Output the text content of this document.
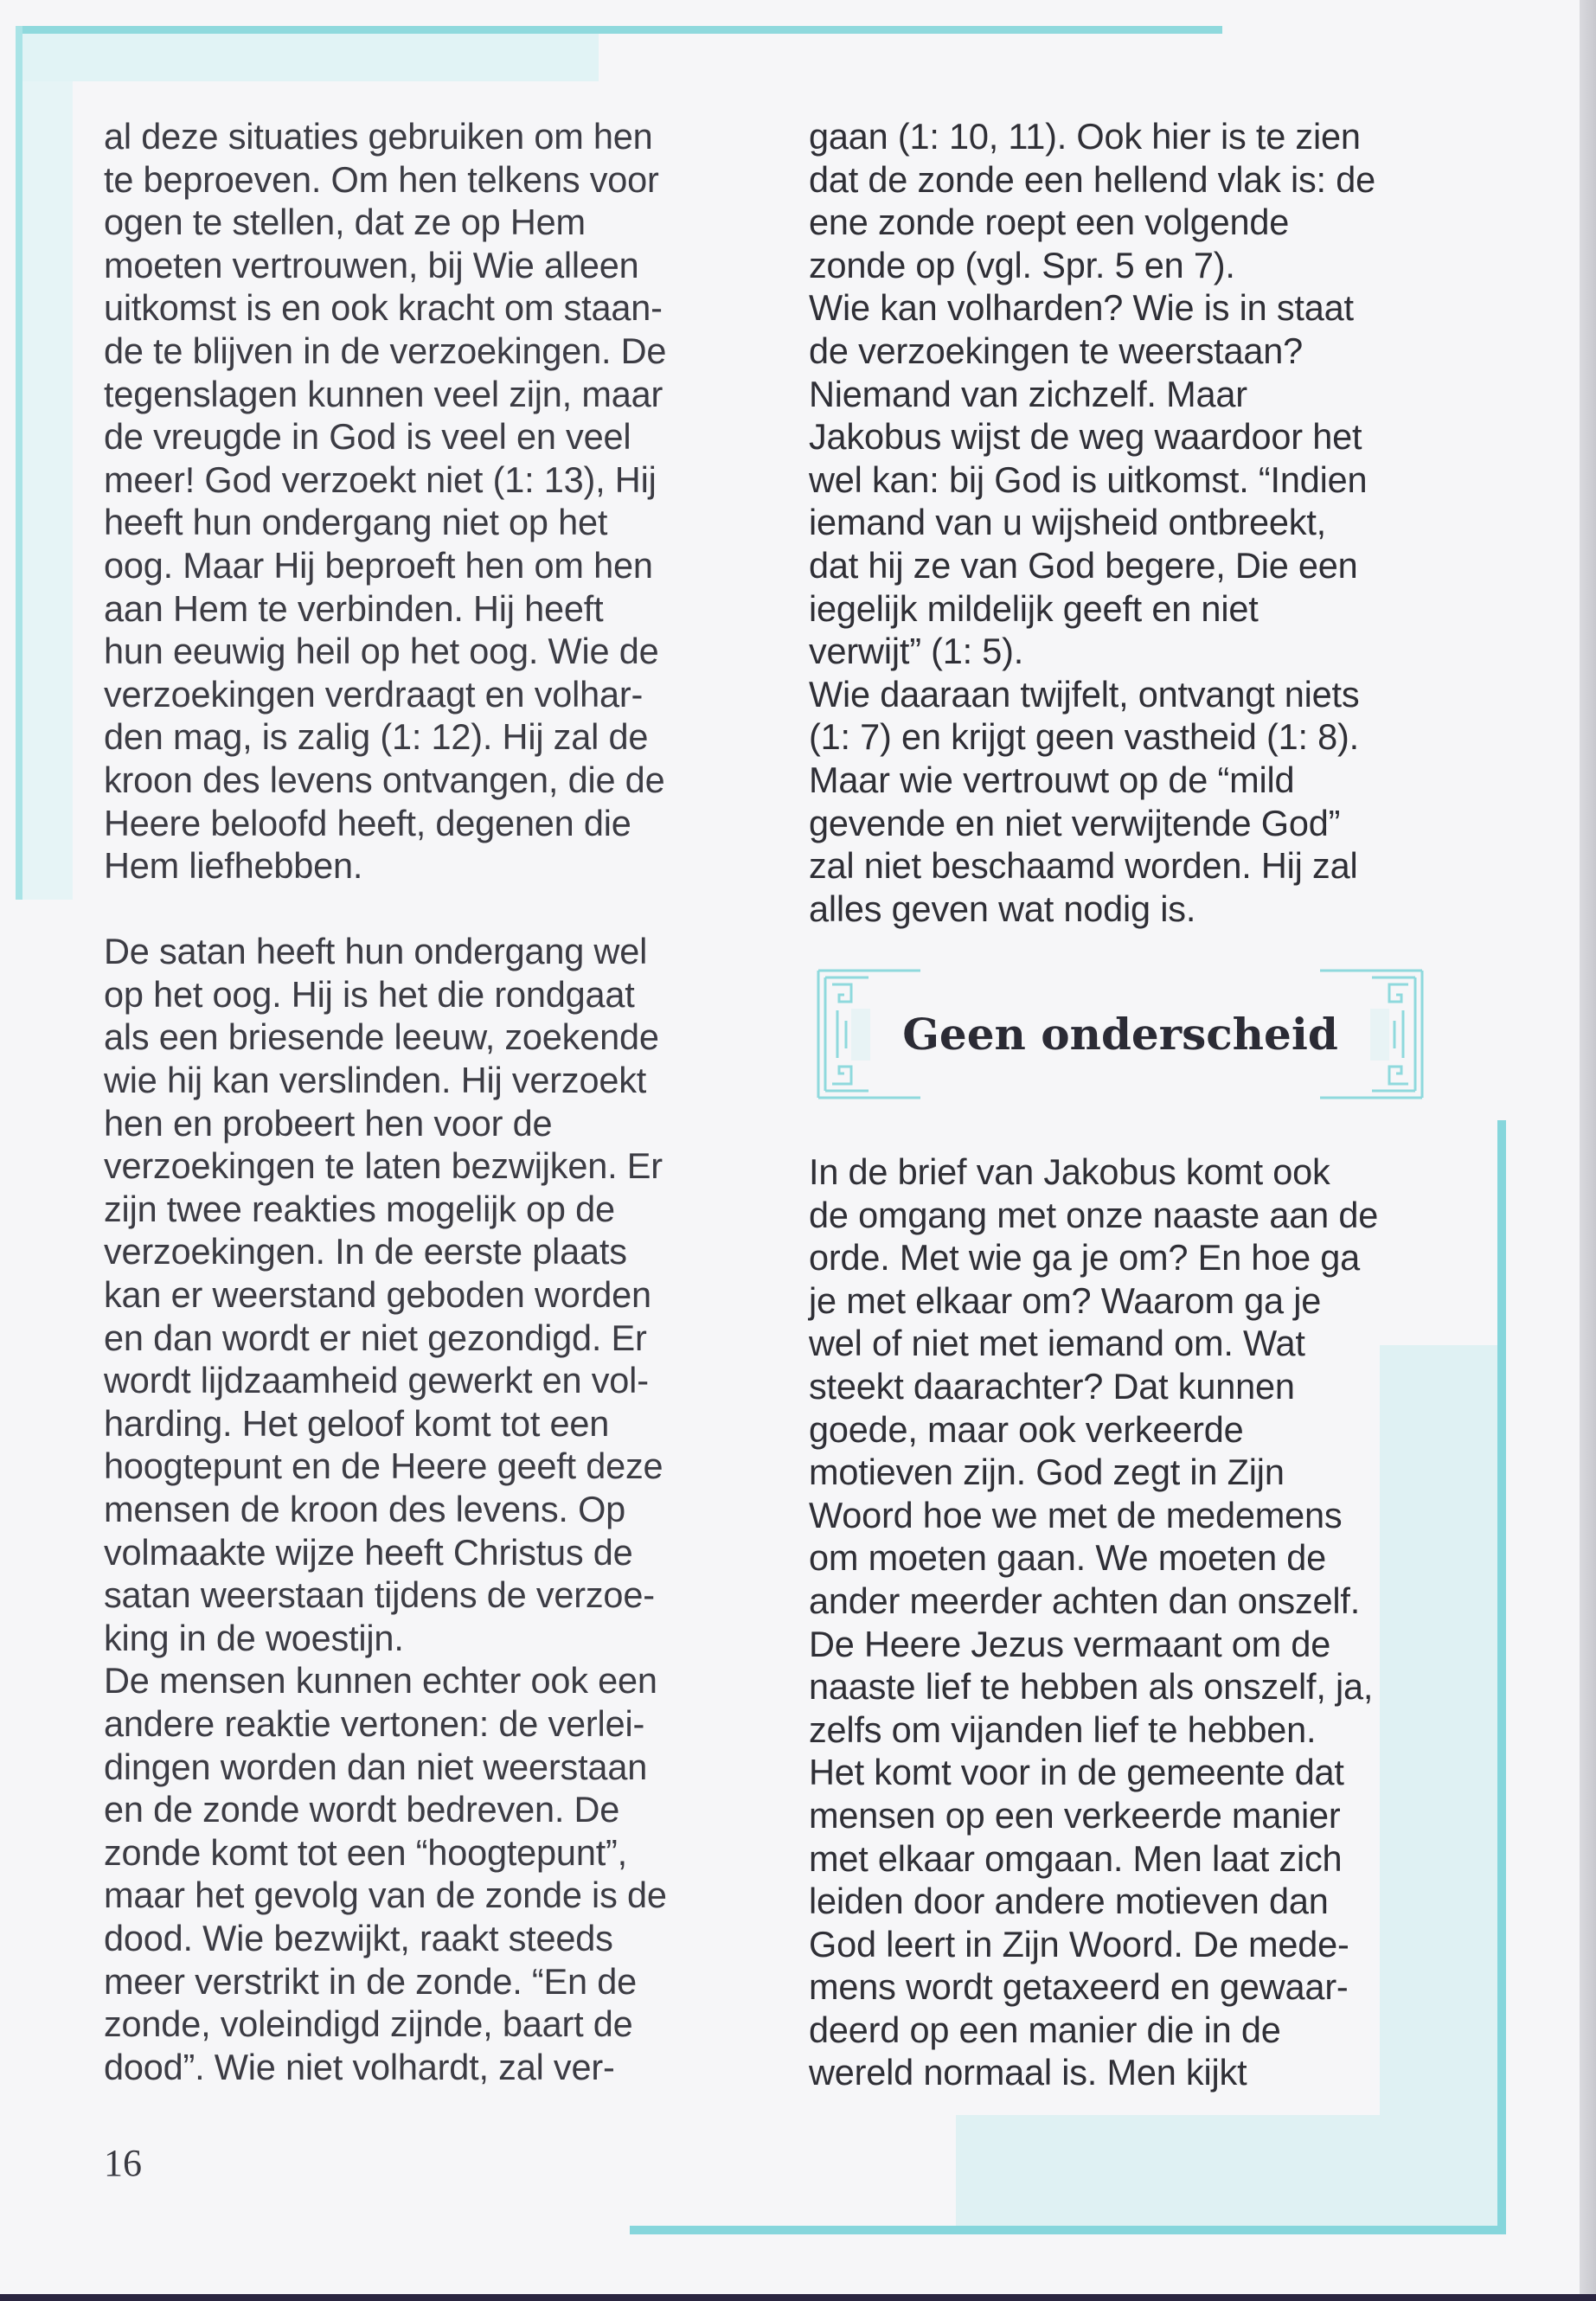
al deze situaties gebruiken om hen

te beproeven. Om hen telkens voor

ogen te stellen, dat ze op Hem

moeten vertrouwen, bij Wie alleen

uitkomst is en ook kracht om staan-

de te blijven in de verzoekingen. De

tegenslagen kunnen veel zijn, maar

de vreugde in God is veel en veel

meer! God verzoekt niet (1: 13), Hij

heeft hun ondergang niet op het

oog. Maar Hij beproeft hen om hen

aan Hem te verbinden. Hij heeft

hun eeuwig heil op het oog. Wie de

verzoekingen verdraagt en volhar-

den mag, is zalig (1: 12). Hij zal de

kroon des levens ontvangen, die de

Heere beloofd heeft, degenen die

Hem liefhebben.

De satan heeft hun ondergang wel

op het oog. Hij is het die rondgaat

als een briesende leeuw, zoekende

wie hij kan verslinden. Hij verzoekt

hen en probeert hen voor de

verzoekingen te laten bezwijken. Er

zijn twee reakties mogelijk op de

verzoekingen. In de eerste plaats

kan er weerstand geboden worden

en dan wordt er niet gezondigd. Er

wordt lijdzaamheid gewerkt en vol-

harding. Het geloof komt tot een

hoogtepunt en de Heere geeft deze

mensen de kroon des levens. Op

volmaakte wijze heeft Christus de

satan weerstaan tijdens de verzoe-

king in de woestijn.

De mensen kunnen echter ook een

andere reaktie vertonen: de verlei-

dingen worden dan niet weerstaan

en de zonde wordt bedreven. De

zonde komt tot een “hoogtepunt”,

maar het gevolg van de zonde is de

dood. Wie bezwijkt, raakt steeds

meer verstrikt in de zonde. “En de

zonde, voleindigd zijnde, baart de

dood”. Wie niet volhardt, zal ver-

gaan (1: 10, 11). Ook hier is te zien

dat de zonde een hellend vlak is: de

ene zonde roept een volgende

zonde op (vgl. Spr. 5 en 7).

Wie kan volharden? Wie is in staat

de verzoekingen te weerstaan?

Niemand van zichzelf. Maar

Jakobus wijst de weg waardoor het

wel kan: bij God is uitkomst. “Indien

iemand van u wijsheid ontbreekt,

dat hij ze van God begere, Die een

iegelijk mildelijk geeft en niet

verwijt” (1: 5).

Wie daaraan twijfelt, ontvangt niets

(1: 7) en krijgt geen vastheid (1: 8).

Maar wie vertrouwt op de “mild

gevende en niet verwijtende God”

zal niet beschaamd worden. Hij zal

alles geven wat nodig is.

Geen onderscheid

In de brief van Jakobus komt ook

de omgang met onze naaste aan de

orde. Met wie ga je om? En hoe ga

je met elkaar om? Waarom ga je

wel of niet met iemand om. Wat

steekt daarachter? Dat kunnen

goede, maar ook verkeerde

motieven zijn. God zegt in Zijn

Woord hoe we met de medemens

om moeten gaan. We moeten de

ander meerder achten dan onszelf.

De Heere Jezus vermaant om de

naaste lief te hebben als onszelf, ja,

zelfs om vijanden lief te hebben.

Het komt voor in de gemeente dat

mensen op een verkeerde manier

met elkaar omgaan. Men laat zich

leiden door andere motieven dan

God leert in Zijn Woord. De mede-

mens wordt getaxeerd en gewaar-

deerd op een manier die in de

wereld normaal is. Men kijkt

16
